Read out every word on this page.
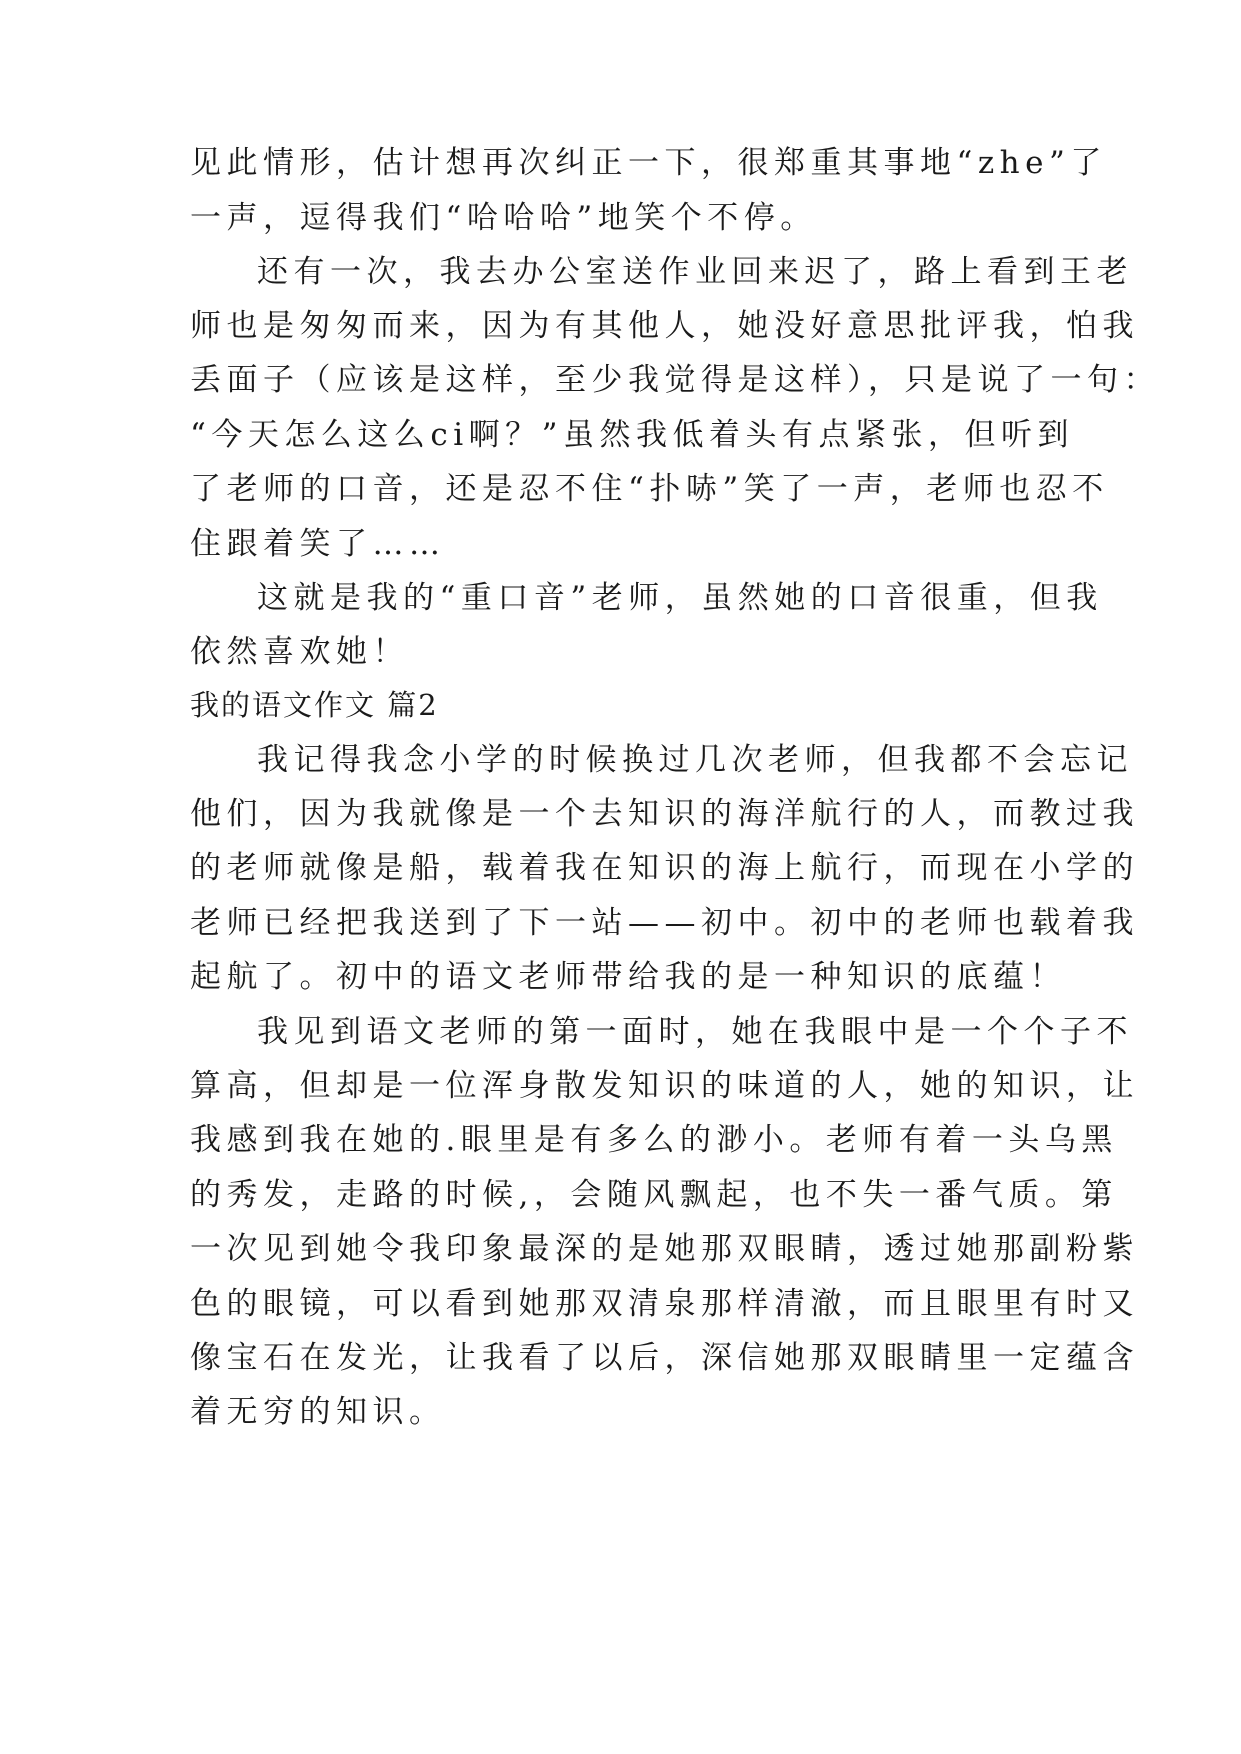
见此情形，估计想再次纠正一下，很郑重其事地“zhe”了
一声，逗得我们“哈哈哈”地笑个不停。
还有一次，我去办公室送作业回来迟了，路上看到王老
师也是匆匆而来，因为有其他人，她没好意思批评我，怕我
丢面子（应该是这样，至少我觉得是这样），只是说了一句：
“今天怎么这么ci啊？”虽然我低着头有点紧张，但听到
了老师的口音，还是忍不住“扑哧”笑了一声，老师也忍不
住跟着笑了……
这就是我的“重口音”老师，虽然她的口音很重，但我
依然喜欢她！
我的语文作文 篇2
我记得我念小学的时候换过几次老师，但我都不会忘记
他们，因为我就像是一个去知识的海洋航行的人，而教过我
的老师就像是船，载着我在知识的海上航行，而现在小学的
老师已经把我送到了下一站——初中。初中的老师也载着我
起航了。初中的语文老师带给我的是一种知识的底蕴！
我见到语文老师的第一面时，她在我眼中是一个个子不
算高，但却是一位浑身散发知识的味道的人，她的知识，让
我感到我在她的.眼里是有多么的渺小。老师有着一头乌黑
的秀发，走路的时候,，会随风飘起，也不失一番气质。第
一次见到她令我印象最深的是她那双眼睛，透过她那副粉紫
色的眼镜，可以看到她那双清泉那样清澈，而且眼里有时又
像宝石在发光，让我看了以后，深信她那双眼睛里一定蕴含
着无穷的知识。
